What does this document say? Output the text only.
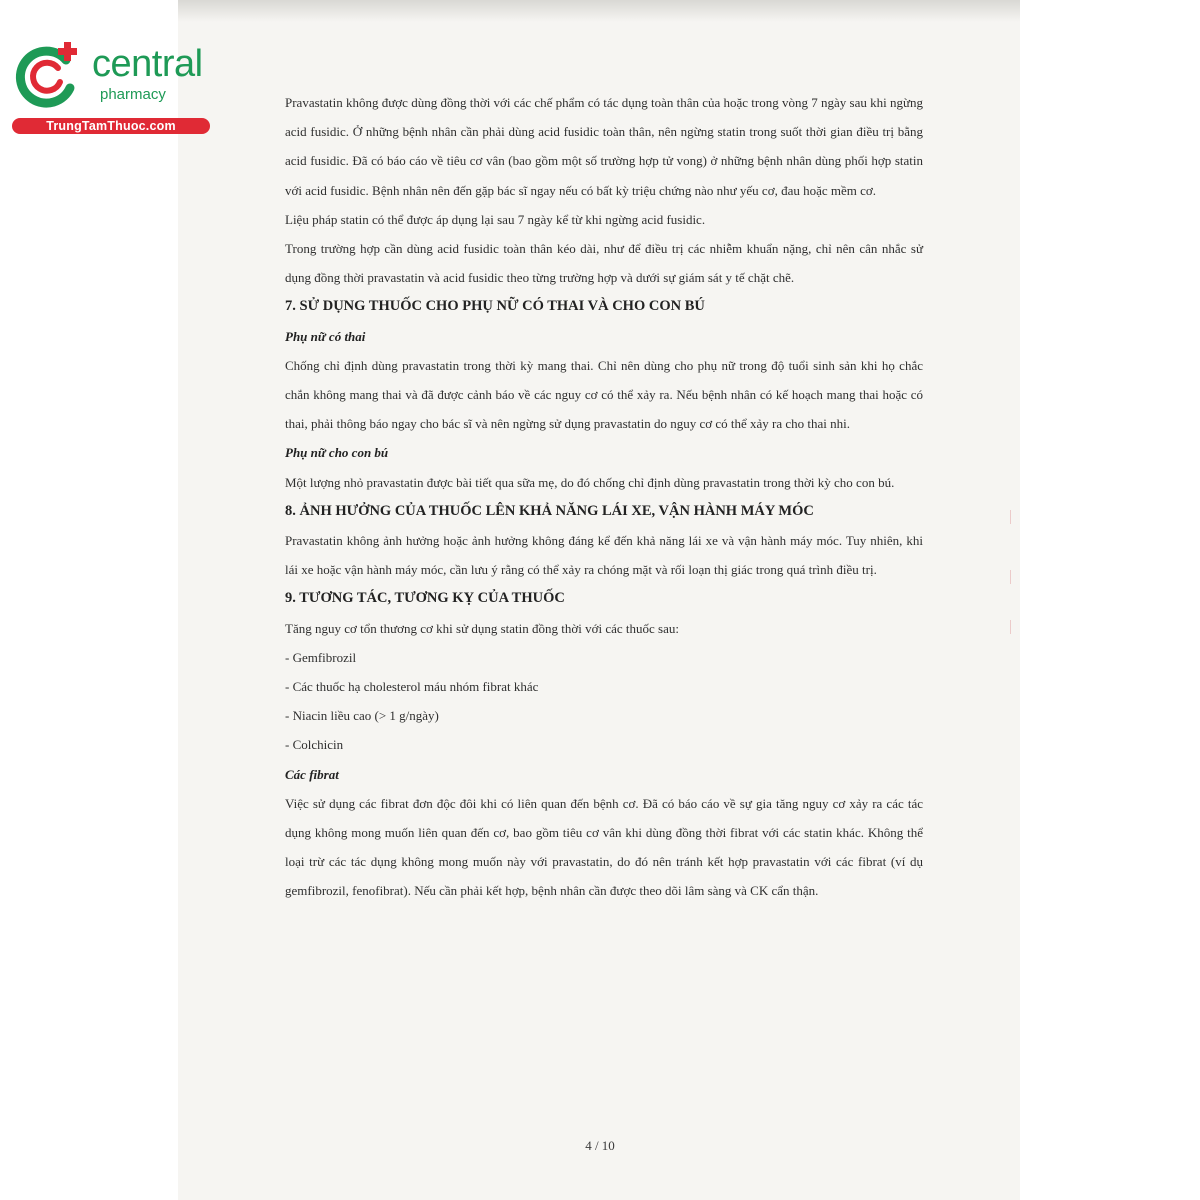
central
pharmacy
TrungTamThuoc.com

Pravastatin không được dùng đồng thời với các chế phẩm có tác dụng toàn thân của hoặc trong vòng 7 ngày sau khi ngừng acid fusidic. Ở những bệnh nhân cần phải dùng acid fusidic toàn thân, nên ngừng statin trong suốt thời gian điều trị bằng acid fusidic. Đã có báo cáo về tiêu cơ vân (bao gồm một số trường hợp tử vong) ở những bệnh nhân dùng phối hợp statin với acid fusidic. Bệnh nhân nên đến gặp bác sĩ ngay nếu có bất kỳ triệu chứng nào như yếu cơ, đau hoặc mềm cơ.

Liệu pháp statin có thể được áp dụng lại sau 7 ngày kể từ khi ngừng acid fusidic.

Trong trường hợp cần dùng acid fusidic toàn thân kéo dài, như để điều trị các nhiễm khuẩn nặng, chỉ nên cân nhắc sử dụng đồng thời pravastatin và acid fusidic theo từng trường hợp và dưới sự giám sát y tế chặt chẽ.

7. SỬ DỤNG THUỐC CHO PHỤ NỮ CÓ THAI VÀ CHO CON BÚ
Phụ nữ có thai

Chống chỉ định dùng pravastatin trong thời kỳ mang thai. Chỉ nên dùng cho phụ nữ trong độ tuổi sinh sản khi họ chắc chắn không mang thai và đã được cảnh báo về các nguy cơ có thể xảy ra. Nếu bệnh nhân có kế hoạch mang thai hoặc có thai, phải thông báo ngay cho bác sĩ và nên ngừng sử dụng pravastatin do nguy cơ có thể xảy ra cho thai nhi.

Phụ nữ cho con bú

Một lượng nhỏ pravastatin được bài tiết qua sữa mẹ, do đó chống chỉ định dùng pravastatin trong thời kỳ cho con bú.

8. ẢNH HƯỞNG CỦA THUỐC LÊN KHẢ NĂNG LÁI XE, VẬN HÀNH MÁY MÓC

Pravastatin không ảnh hưởng hoặc ảnh hưởng không đáng kể đến khả năng lái xe và vận hành máy móc. Tuy nhiên, khi lái xe hoặc vận hành máy móc, cần lưu ý rằng có thể xảy ra chóng mặt và rối loạn thị giác trong quá trình điều trị.

9. TƯƠNG TÁC, TƯƠNG KỴ CỦA THUỐC

Tăng nguy cơ tổn thương cơ khi sử dụng statin đồng thời với các thuốc sau:

- Gemfibrozil

- Các thuốc hạ cholesterol máu nhóm fibrat khác

- Niacin liều cao (> 1 g/ngày)

- Colchicin

Các fibrat

Việc sử dụng các fibrat đơn độc đôi khi có liên quan đến bệnh cơ. Đã có báo cáo về sự gia tăng nguy cơ xảy ra các tác dụng không mong muốn liên quan đến cơ, bao gồm tiêu cơ vân khi dùng đồng thời fibrat với các statin khác. Không thể loại trừ các tác dụng không mong muốn này với pravastatin, do đó nên tránh kết hợp pravastatin với các fibrat (ví dụ gemfibrozil, fenofibrat). Nếu cần phải kết hợp, bệnh nhân cần được theo dõi lâm sàng và CK cẩn thận.

4 / 10
